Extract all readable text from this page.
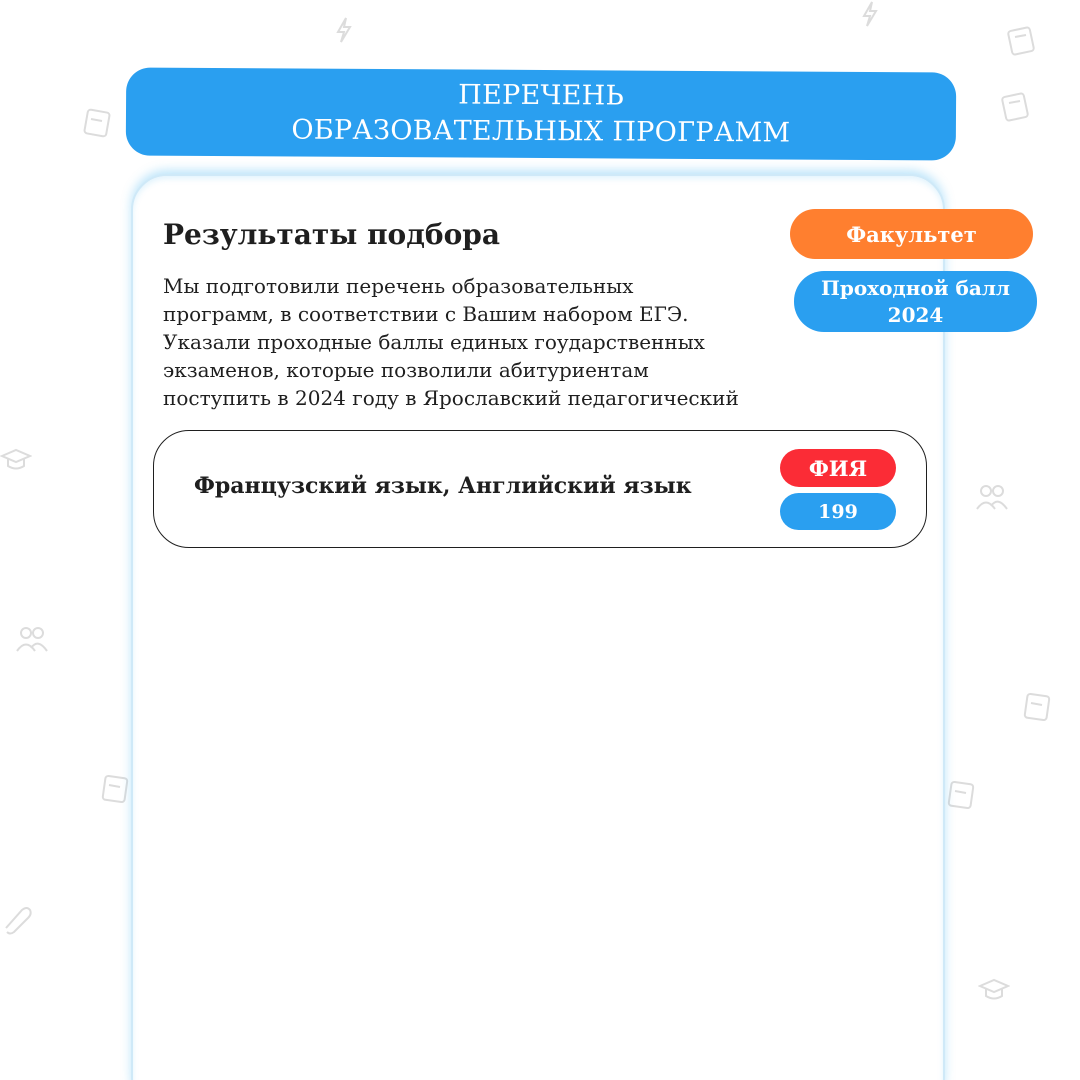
ПЕРЕЧЕНЬ
ОБРАЗОВАТЕЛЬНЫХ ПРОГРАММ
Результаты подбора

Мы подготовили перечень образовательных
программ, в соответствии с Вашим набором ЕГЭ.
Указали проходные баллы единых гоударственных
экзаменов, которые позволили абитуриентам
поступить в 2024 году в Ярославский педагогический

Факультет
Проходной балл
2024

Французский язык, Английский язык

ФИЯ
199
